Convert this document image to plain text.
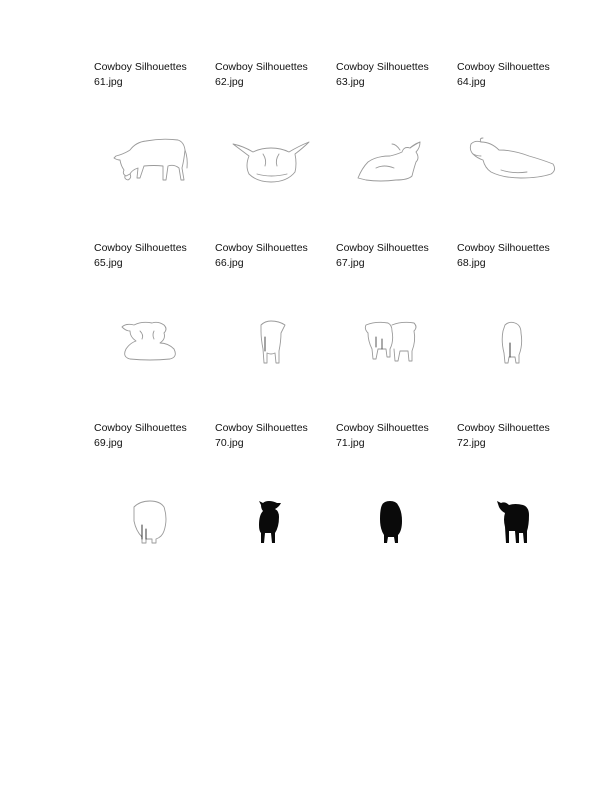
Cowboy Silhouettes
61.jpg
Cowboy Silhouettes
62.jpg
Cowboy Silhouettes
63.jpg
Cowboy Silhouettes
64.jpg
Cowboy Silhouettes
65.jpg
Cowboy Silhouettes
66.jpg
Cowboy Silhouettes
67.jpg
Cowboy Silhouettes
68.jpg
Cowboy Silhouettes
69.jpg
Cowboy Silhouettes
70.jpg
Cowboy Silhouettes
71.jpg
Cowboy Silhouettes
72.jpg
